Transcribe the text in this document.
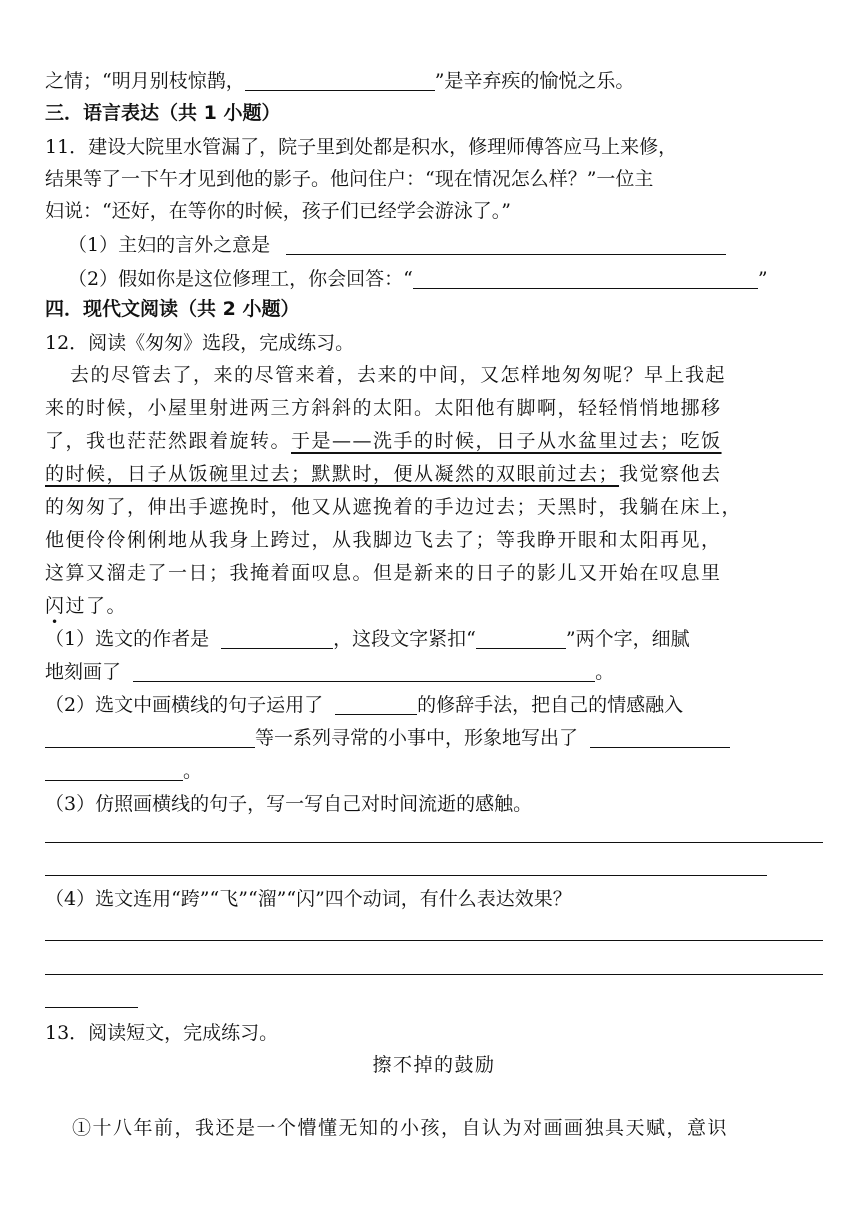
之情；“明月别枝惊鹊，	”是辛弃疾的愉悦之乐。
三．语言表达（共 1 小题）
11．建设大院里水管漏了，院子里到处都是积水，修理师傅答应马上来修，
结果等了一下午才见到他的影子。他问住户：“现在情况怎么样？”一位主
妇说：“还好，在等你的时候，孩子们已经学会游泳了。”
（1）主妇的言外之意是
（2）假如你是这位修理工，你会回答：“	”
四．现代文阅读（共 2 小题）
12．阅读《匆匆》选段，完成练习。
去的尽管去了，来的尽管来着，去来的中间，又怎样地匆匆呢？早上我起
来的时候，小屋里射进两三方斜斜的太阳。太阳他有脚啊，轻轻悄悄地挪移
了，我也茫茫然跟着旋转。于是——洗手的时候，日子从水盆里过去；吃饭
的时候，日子从饭碗里过去；默默时，便从凝然的双眼前过去；我觉察他去
的匆匆了，伸出手遮挽时，他又从遮挽着的手边过去；天黑时，我躺在床上，
他便伶伶俐俐地从我身上跨过，从我脚边飞去了；等我睁开眼和太阳再见，
这算又溜走了一日；我掩着面叹息。但是新来的日子的影儿又开始在叹息里
闪过了。
（1）选文的作者是	，这段文字紧扣“	”两个字，细腻
地刻画了	。
（2）选文中画横线的句子运用了	的修辞手法，把自己的情感融入
等一系列寻常的小事中，形象地写出了
。
（3）仿照画横线的句子，写一写自己对时间流逝的感触。
（4）选文连用“跨”“飞”“溜”“闪”四个动词，有什么表达效果？
13．阅读短文，完成练习。
擦不掉的鼓励
①十八年前，我还是一个懵懂无知的小孩，自认为对画画独具天赋，意识
